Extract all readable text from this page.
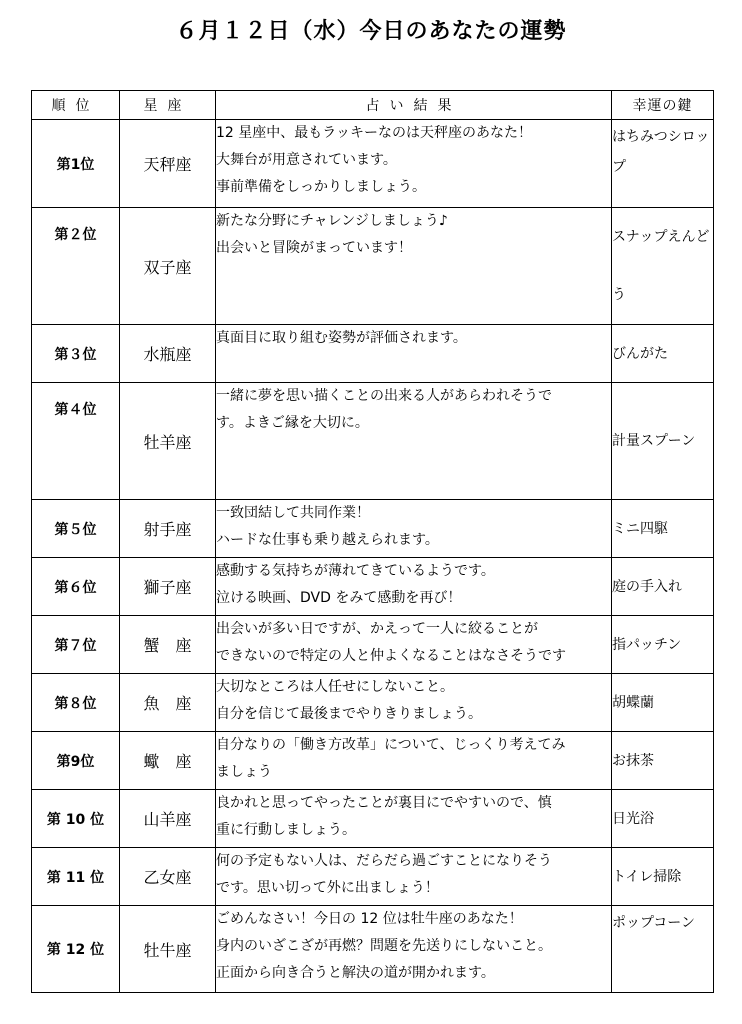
６月１２日（水）今日のあなたの運勢
順位	星座	占い結果	幸運の鍵
第1位	天秤座	12 星座中、最もラッキーなのは天秤座のあなた！
大舞台が用意されています。
事前準備をしっかりしましょう。	はちみつシロップ
第２位	双子座	新たな分野にチャレンジしましょう♪
出会いと冒険がまっています！	スナップえんどう
第３位	水瓶座	真面目に取り組む姿勢が評価されます。	びんがた
第４位	牡羊座	一緒に夢を思い描くことの出来る人があらわれそうで
す。よきご縁を大切に。	計量スプーン
第５位	射手座	一致団結して共同作業！
ハードな仕事も乗り越えられます。	ミニ四駆
第６位	獅子座	感動する気持ちが薄れてきているようです。
泣ける映画、DVD をみて感動を再び！	庭の手入れ
第７位	蟹　座	出会いが多い日ですが、かえって一人に絞ることが
できないので特定の人と仲よくなることはなさそうです	指パッチン
第８位	魚　座	大切なところは人任せにしないこと。
自分を信じて最後までやりきりましょう。	胡蝶蘭
第9位	蠍　座	自分なりの「働き方改革」について、じっくり考えてみ
ましょう	お抹茶
第 10 位	山羊座	良かれと思ってやったことが裏目にでやすいので、慎
重に行動しましょう。	日光浴
第 11 位	乙女座	何の予定もない人は、だらだら過ごすことになりそう
です。思い切って外に出ましょう！	トイレ掃除
第 12 位	牡牛座	ごめんなさい！今日の 12 位は牡牛座のあなた！
身内のいざこざが再燃？問題を先送りにしないこと。
正面から向き合うと解決の道が開かれます。	ポップコーン
